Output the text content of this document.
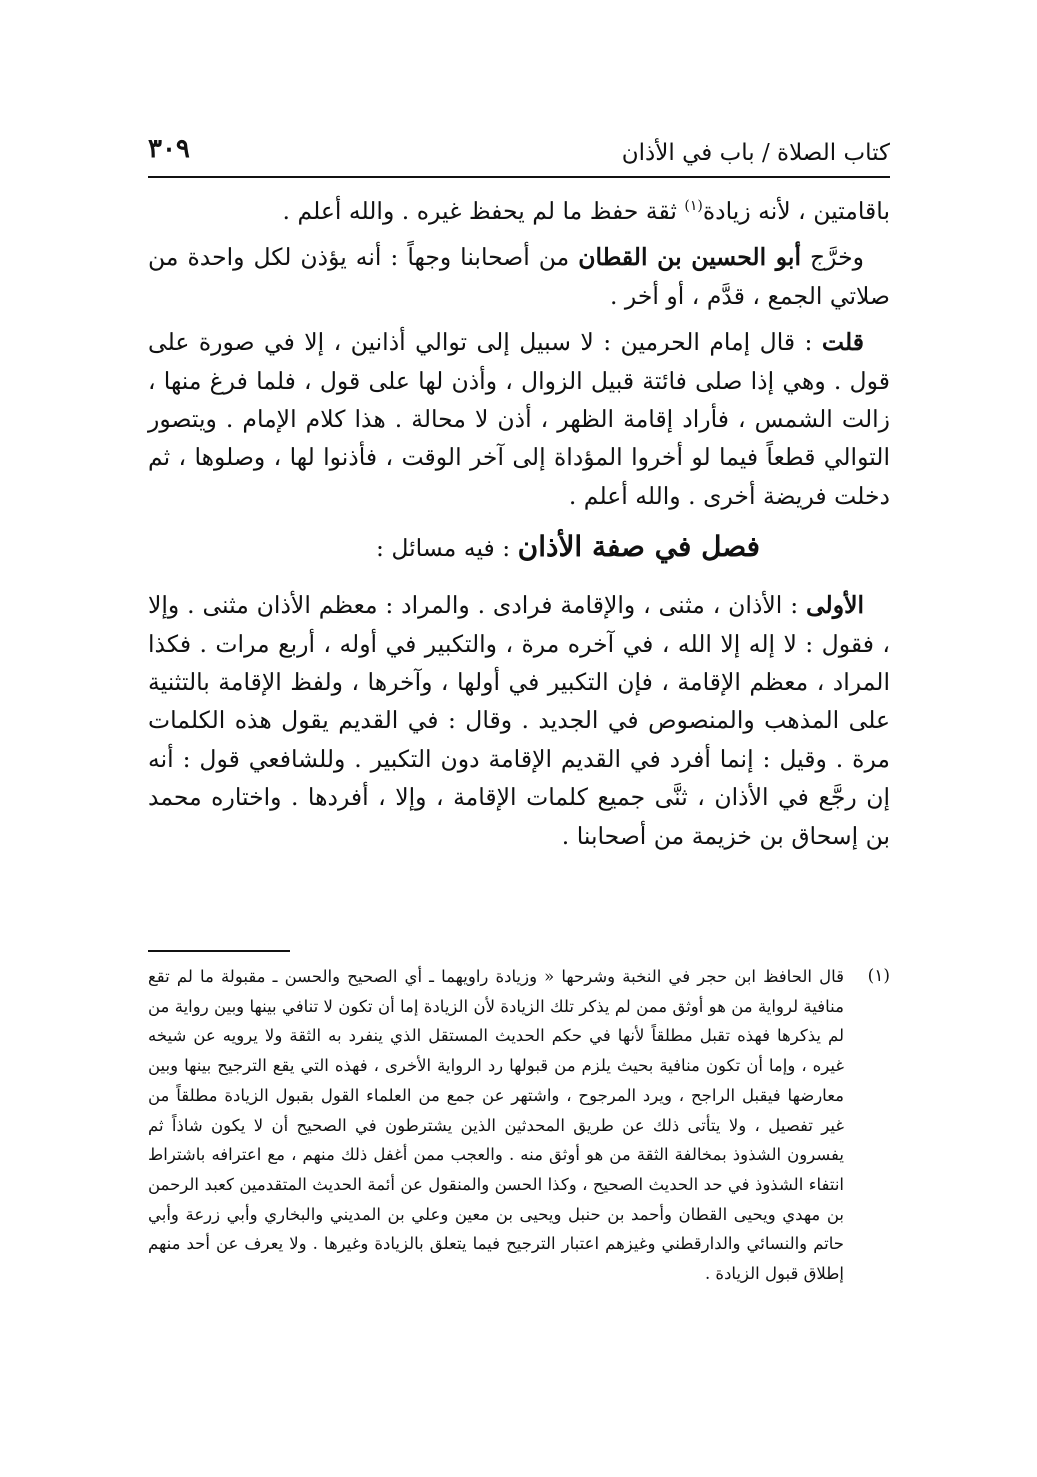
كتاب الصلاة / باب في الأذان
٣٠٩

باقامتين ، لأنه زيادة$^{(١)}$ ثقة حفظ ما لم يحفظ غيره . والله أعلم .

وخرَّج أبو الحسين بن القطان من أصحابنا وجهاً : أنه يؤذن لكل واحدة من صلاتي الجمع ، قدَّم ، أو أخر .

قلت : قال إمام الحرمين : لا سبيل إلى توالي أذانين ، إلا في صورة على قول . وهي إذا صلى فائتة قبيل الزوال ، وأذن لها على قول ، فلما فرغ منها ، زالت الشمس ، فأراد إقامة الظهر ، أذن لا محالة . هذا كلام الإمام . ويتصور التوالي قطعاً فيما لو أخروا المؤداة إلى آخر الوقت ، فأذنوا لها ، وصلوها ، ثم دخلت فريضة أخرى . والله أعلم .

فصل في صفة الأذان : فيه مسائل :

الأولى : الأذان ، مثنى ، والإقامة فرادى . والمراد : معظم الأذان مثنى . وإلا ، فقول : لا إله إلا الله ، في آخره مرة ، والتكبير في أوله ، أربع مرات . فكذا المراد ، معظم الإقامة ، فإن التكبير في أولها ، وآخرها ، ولفظ الإقامة بالتثنية على المذهب والمنصوص في الجديد . وقال : في القديم يقول هذه الكلمات مرة . وقيل : إنما أفرد في القديم الإقامة دون التكبير . وللشافعي قول : أنه إن رجَّع في الأذان ، ثنَّى جميع كلمات الإقامة ، وإلا ، أفردها . واختاره محمد بن إسحاق بن خزيمة من أصحابنا .

(١)
قال الحافظ ابن حجر في النخبة وشرحها « وزيادة راويهما ـ أي الصحيح والحسن ـ مقبولة ما لم تقع منافية لرواية من هو أوثق ممن لم يذكر تلك الزيادة لأن الزيادة إما أن تكون لا تنافي بينها وبين رواية من لم يذكرها فهذه تقبل مطلقاً لأنها في حكم الحديث المستقل الذي ينفرد به الثقة ولا يرويه عن شيخه غيره ، وإما أن تكون منافية بحيث يلزم من قبولها رد الرواية الأخرى ، فهذه التي يقع الترجيح بينها وبين معارضها فيقبل الراجح ، ويرد المرجوح ، واشتهر عن جمع من العلماء القول بقبول الزيادة مطلقاً من غير تفصيل ، ولا يتأتى ذلك عن طريق المحدثين الذين يشترطون في الصحيح أن لا يكون شاذاً ثم يفسرون الشذوذ بمخالفة الثقة من هو أوثق منه . والعجب ممن أغفل ذلك منهم ، مع اعترافه باشتراط انتفاء الشذوذ في حد الحديث الصحيح ، وكذا الحسن والمنقول عن أئمة الحديث المتقدمين كعبد الرحمن بن مهدي ويحيى القطان وأحمد بن حنبل ويحيى بن معين وعلي بن المديني والبخاري وأبي زرعة وأبي حاتم والنسائي والدارقطني وغيزهم اعتبار الترجيح فيما يتعلق بالزيادة وغيرها . ولا يعرف عن أحد منهم إطلاق قبول الزيادة .
